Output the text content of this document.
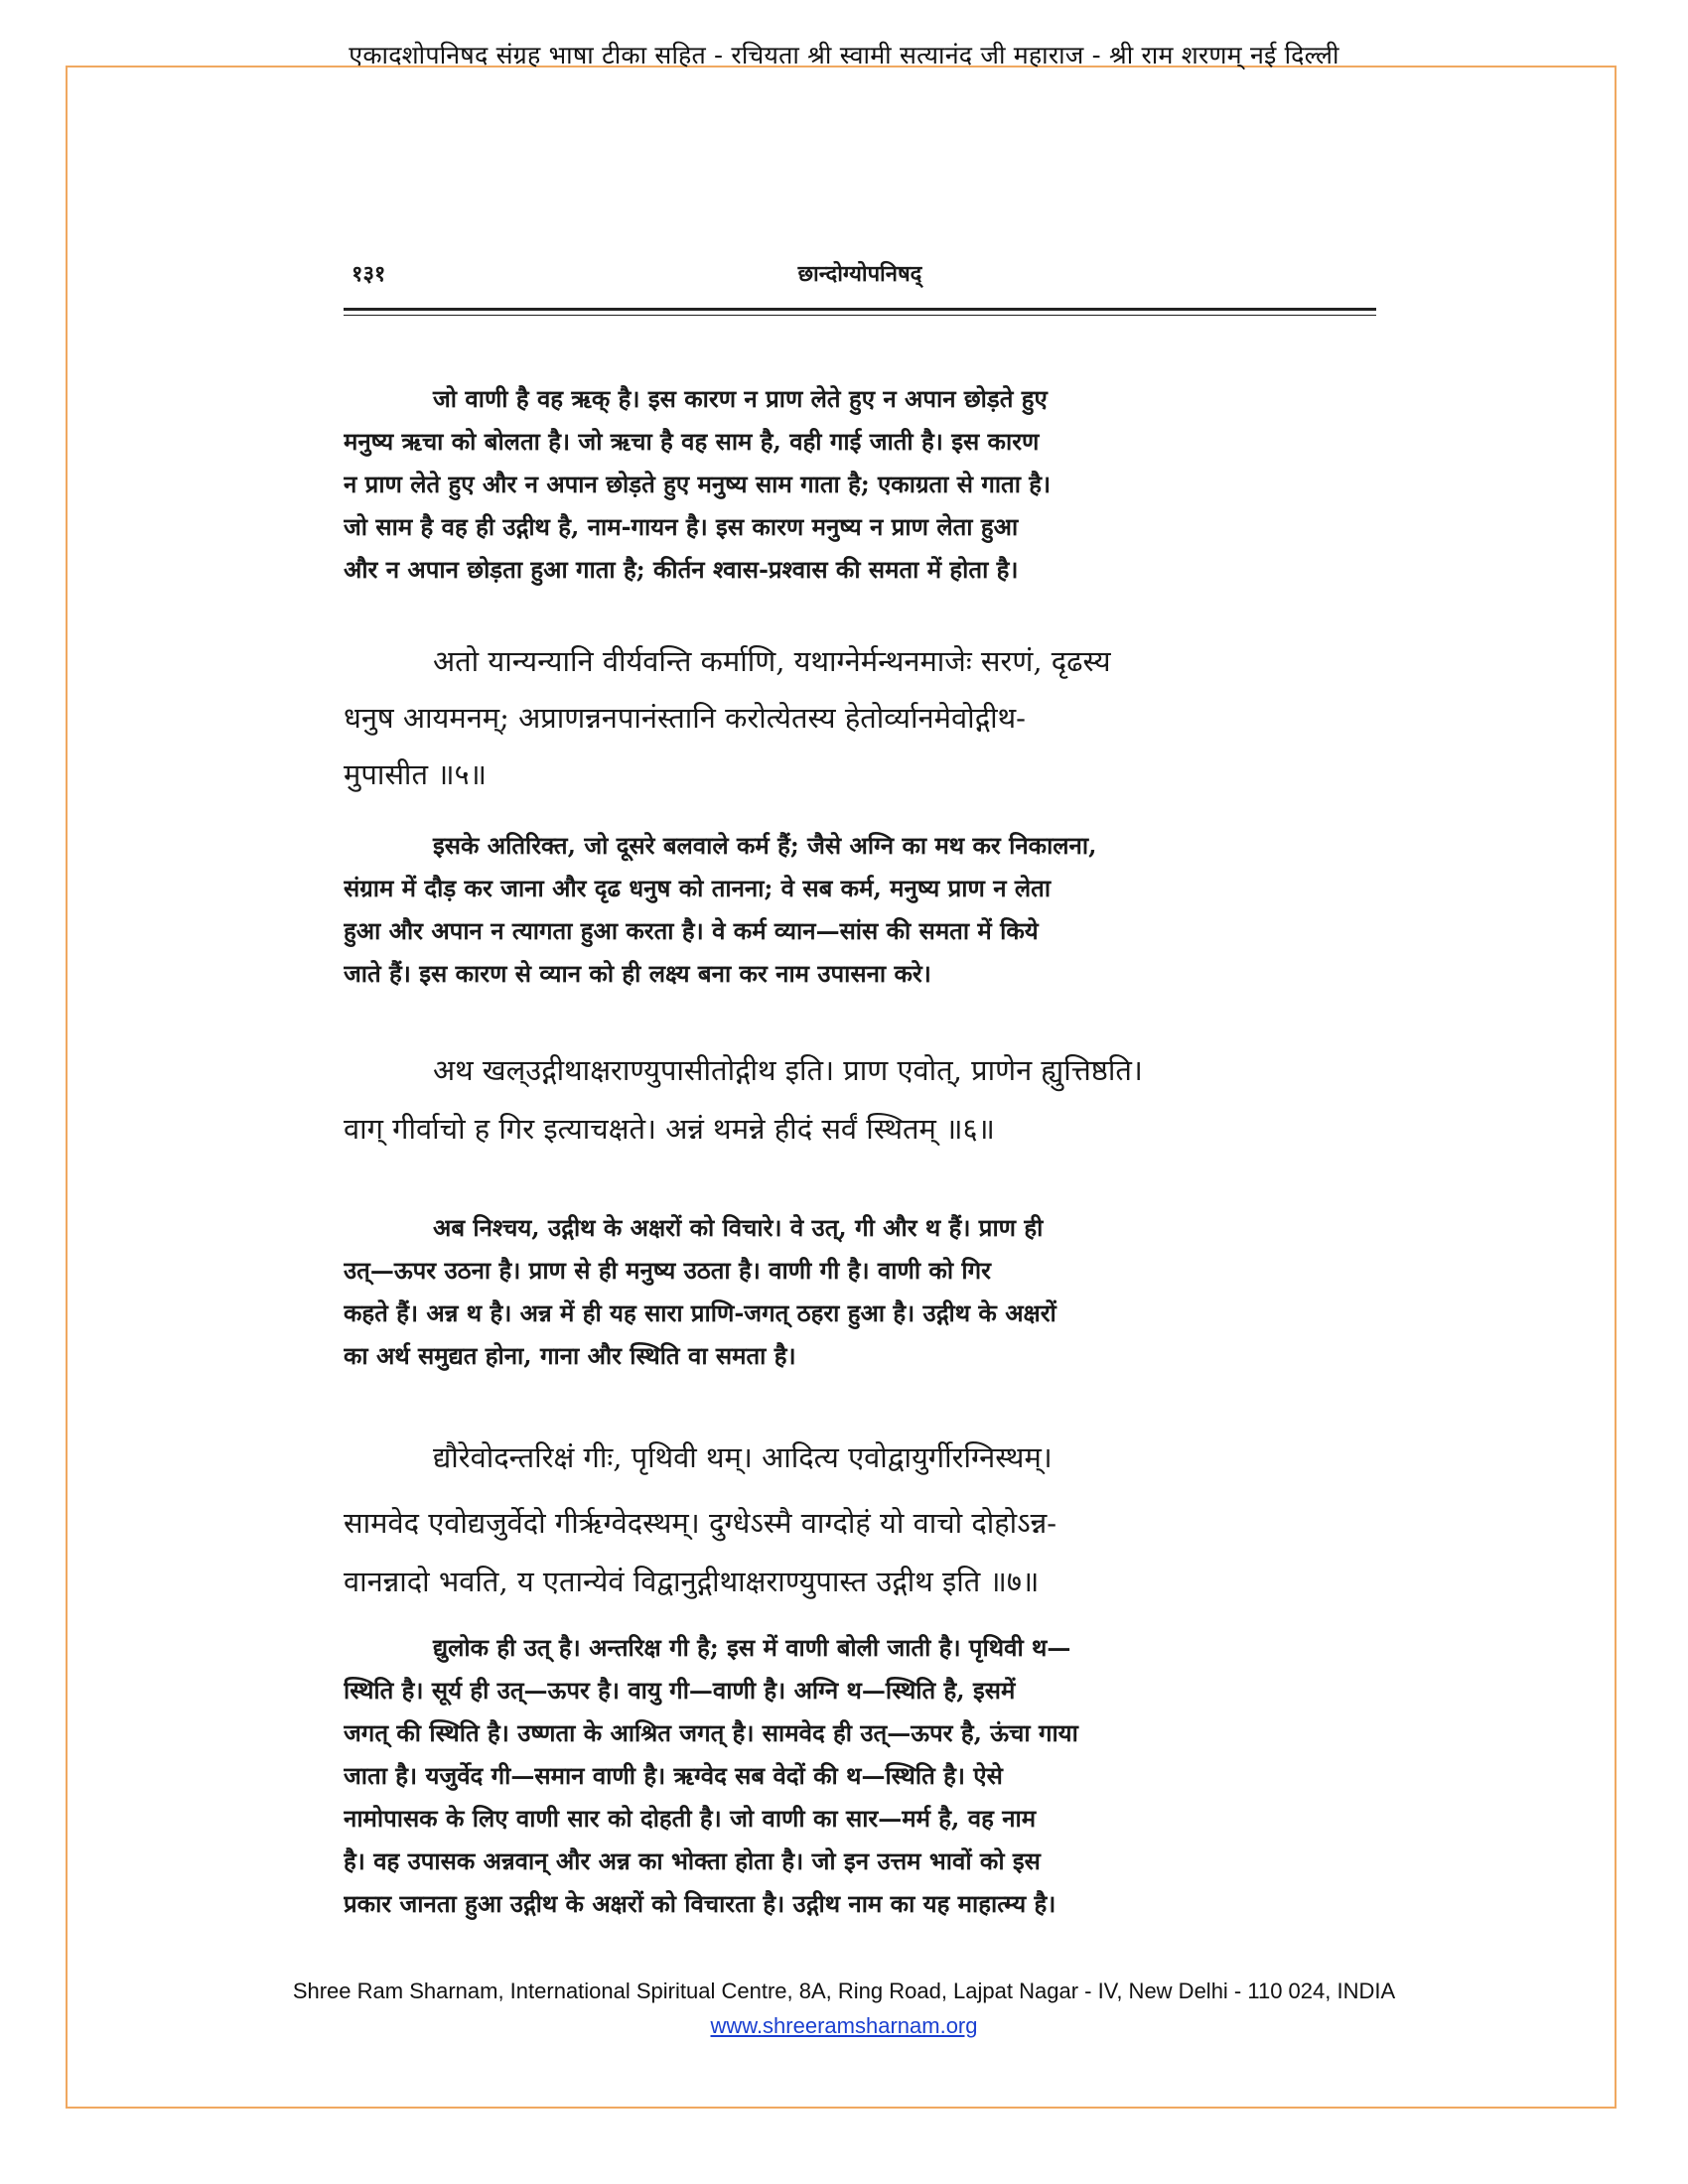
एकादशोपनिषद संग्रह भाषा टीका सहित - रचियता श्री स्वामी सत्यानंद जी महाराज - श्री राम शरणम् नई दिल्ली
१३१	छान्दोग्योपनिषद्
जो वाणी है वह ऋक् है। इस कारण न प्राण लेते हुए न अपान छोड़ते हुए
मनुष्य ऋचा को बोलता है। जो ऋचा है वह साम है, वही गाई जाती है। इस कारण
न प्राण लेते हुए और न अपान छोड़ते हुए मनुष्य साम गाता है; एकाग्रता से गाता है।
जो साम है वह ही उद्गीथ है, नाम-गायन है। इस कारण मनुष्य न प्राण लेता हुआ
और न अपान छोड़ता हुआ गाता है; कीर्तन श्वास-प्रश्वास की समता में होता है।
अतो यान्यन्यानि वीर्यवन्ति कर्माणि, यथाग्नेर्मन्थनमाजेः सरणं, दृढस्य
धनुष आयमनम्; अप्राणन्ननपानंस्तानि करोत्येतस्य हेतोर्व्यानमेवोद्गीथ-
मुपासीत ॥५॥
इसके अतिरिक्त, जो दूसरे बलवाले कर्म हैं; जैसे अग्नि का मथ कर निकालना,
संग्राम में दौड़ कर जाना और दृढ धनुष को तानना; वे सब कर्म, मनुष्य प्राण न लेता
हुआ और अपान न त्यागता हुआ करता है। वे कर्म व्यान—सांस की समता में किये
जाते हैं। इस कारण से व्यान को ही लक्ष्य बना कर नाम उपासना करे।
अथ खल्उद्गीथाक्षराण्युपासीतोद्गीथ इति। प्राण एवोत्, प्राणेन ह्युत्तिष्ठति।
वाग् गीर्वाचो ह गिर इत्याचक्षते। अन्नं थमन्ने हीदं सर्वं स्थितम् ॥६॥
अब निश्चय, उद्गीथ के अक्षरों को विचारे। वे उत्, गी और थ हैं। प्राण ही
उत्—ऊपर उठना है। प्राण से ही मनुष्य उठता है। वाणी गी है। वाणी को गिर
कहते हैं। अन्न थ है। अन्न में ही यह सारा प्राणि-जगत् ठहरा हुआ है। उद्गीथ के अक्षरों
का अर्थ समुद्यत होना, गाना और स्थिति वा समता है।
द्यौरेवोदन्तरिक्षं गीः, पृथिवी थम्। आदित्य एवोद्वायुर्गीरग्निस्थम्।
सामवेद एवोद्यजुर्वेदो गीर्ऋग्वेदस्थम्। दुग्धेऽस्मै वाग्दोहं यो वाचो दोहोऽन्न-
वानन्नादो भवति, य एतान्येवं विद्वानुद्गीथाक्षराण्युपास्त उद्गीथ इति ॥७॥
द्युलोक ही उत् है। अन्तरिक्ष गी है; इस में वाणी बोली जाती है। पृथिवी थ—
स्थिति है। सूर्य ही उत्—ऊपर है। वायु गी—वाणी है। अग्नि थ—स्थिति है, इसमें
जगत् की स्थिति है। उष्णता के आश्रित जगत् है। सामवेद ही उत्—ऊपर है, ऊंचा गाया
जाता है। यजुर्वेद गी—समान वाणी है। ऋग्वेद सब वेदों की थ—स्थिति है। ऐसे
नामोपासक के लिए वाणी सार को दोहती है। जो वाणी का सार—मर्म है, वह नाम
है। वह उपासक अन्नवान् और अन्न का भोक्ता होता है। जो इन उत्तम भावों को इस
प्रकार जानता हुआ उद्गीथ के अक्षरों को विचारता है। उद्गीथ नाम का यह माहात्म्य है।
Shree Ram Sharnam, International Spiritual Centre, 8A, Ring Road, Lajpat Nagar - IV, New Delhi - 110 024, INDIA
www.shreeramsharnam.org
